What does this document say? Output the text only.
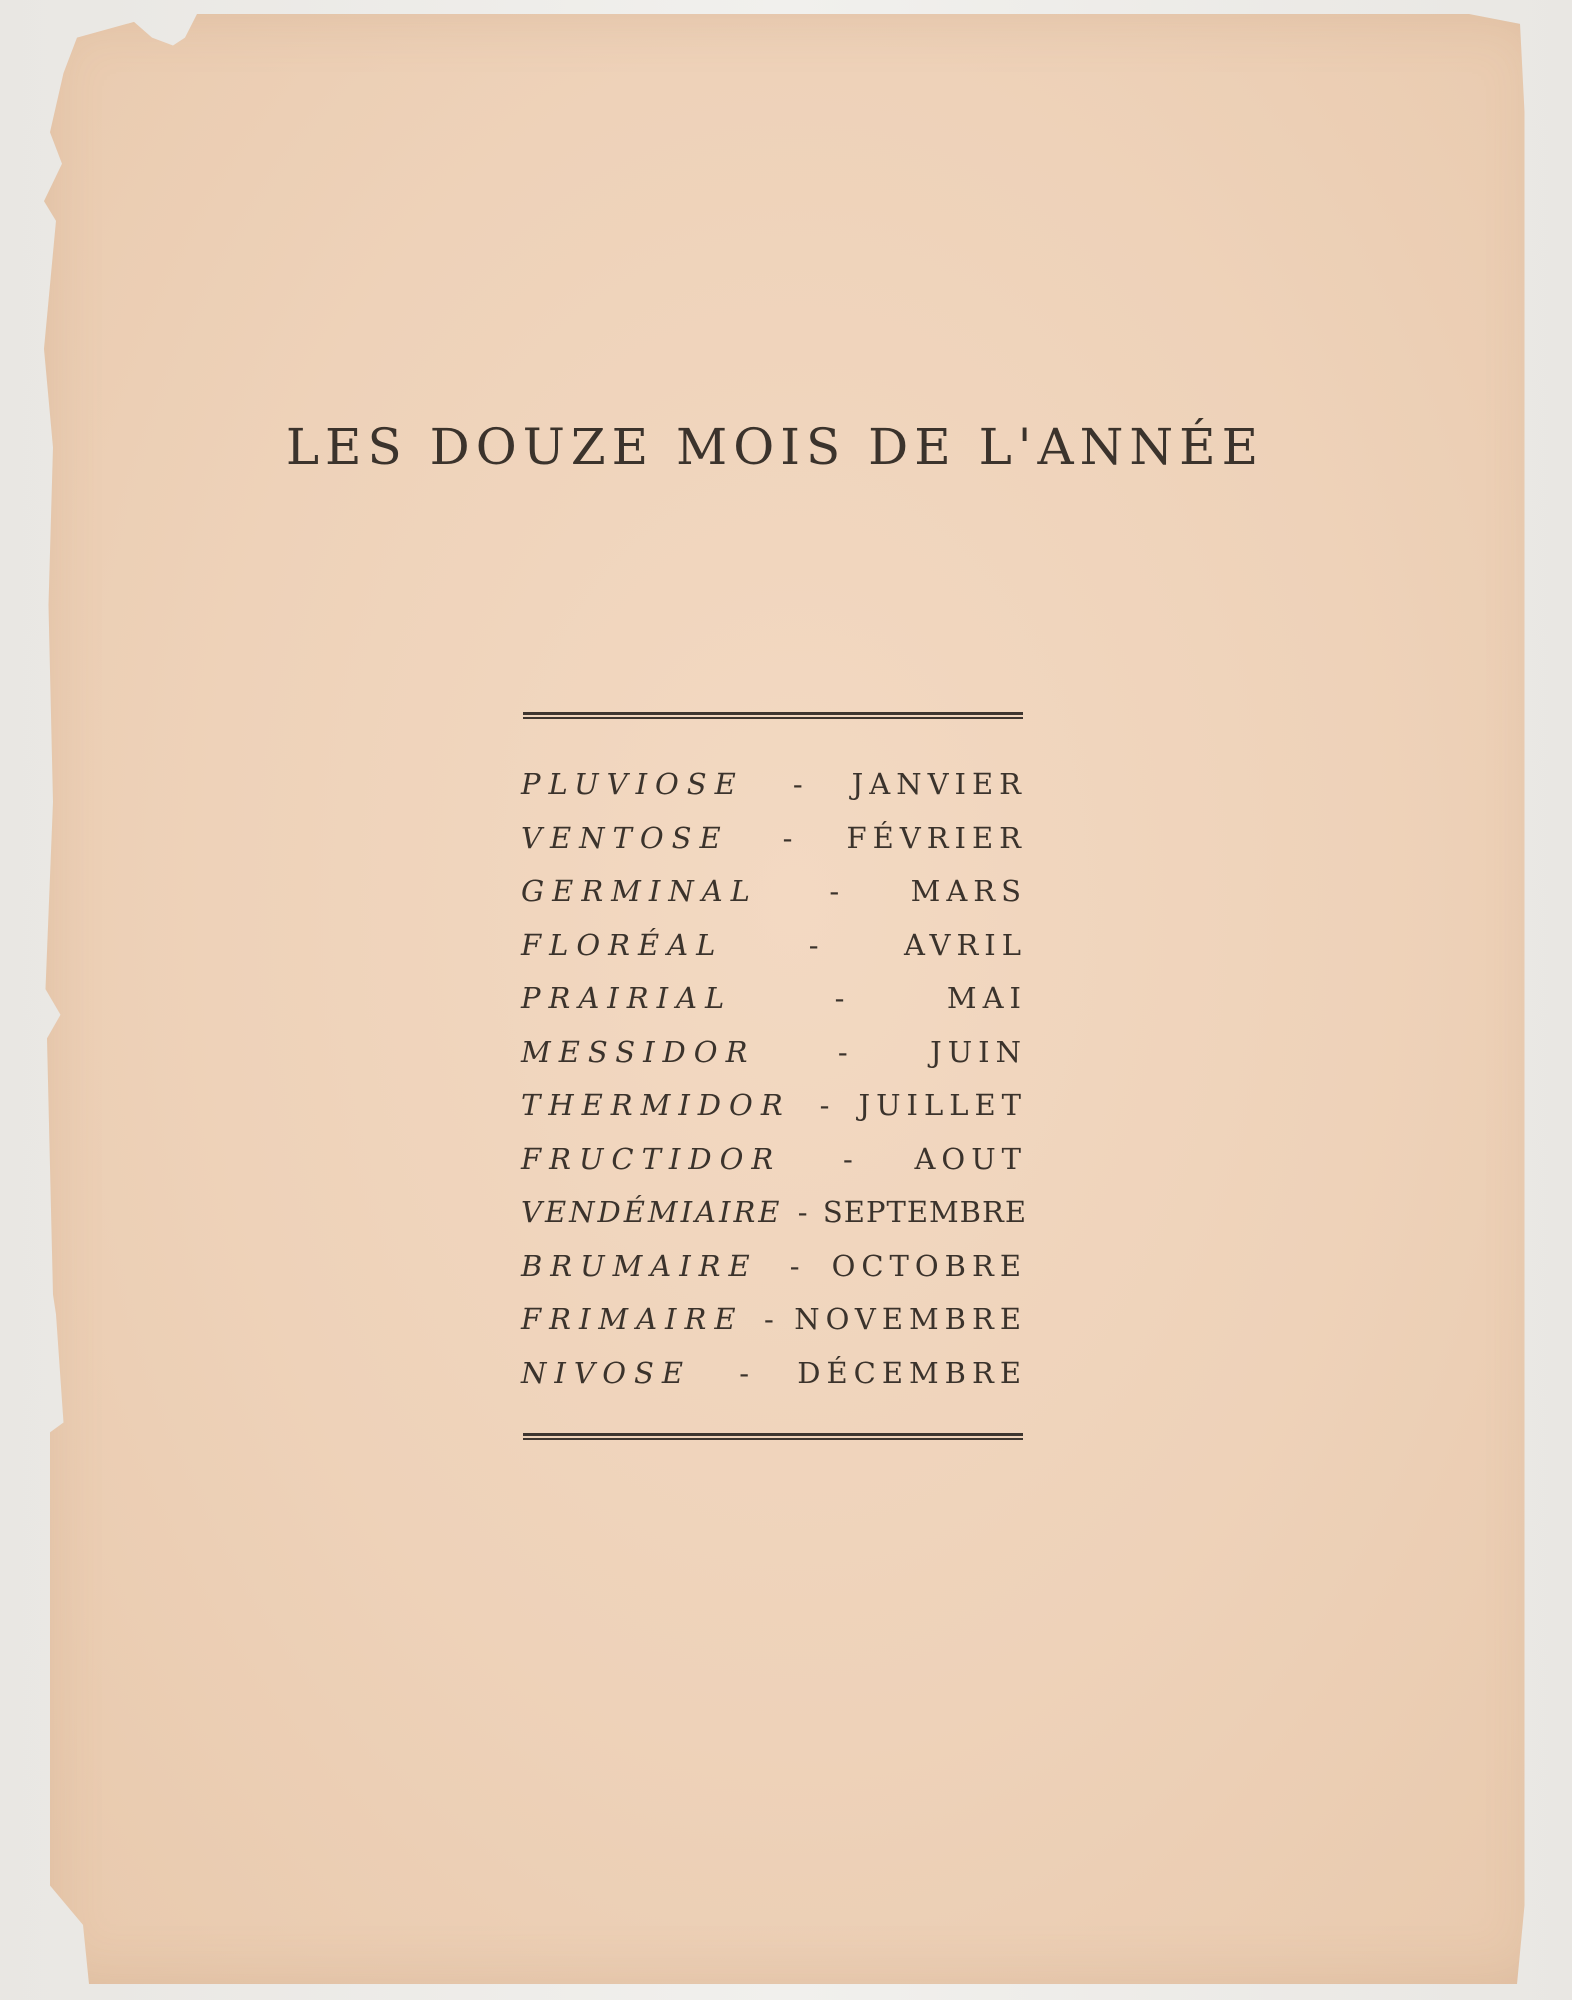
LES DOUZE MOIS DE L'ANNÉE
PLUVIOSE	-	JANVIER
VENTOSE	-	FÉVRIER
GERMINAL	-	MARS
FLORÉAL	-	AVRIL
PRAIRIAL	-	MAI
MESSIDOR	-	JUIN
THERMIDOR - JUILLET
FRUCTIDOR	-	AOUT
VENDÉMIAIRE - SEPTEMBRE
BRUMAIRE	-	OCTOBRE
FRIMAIRE - NOVEMBRE
NIVOSE	-	DÉCEMBRE
